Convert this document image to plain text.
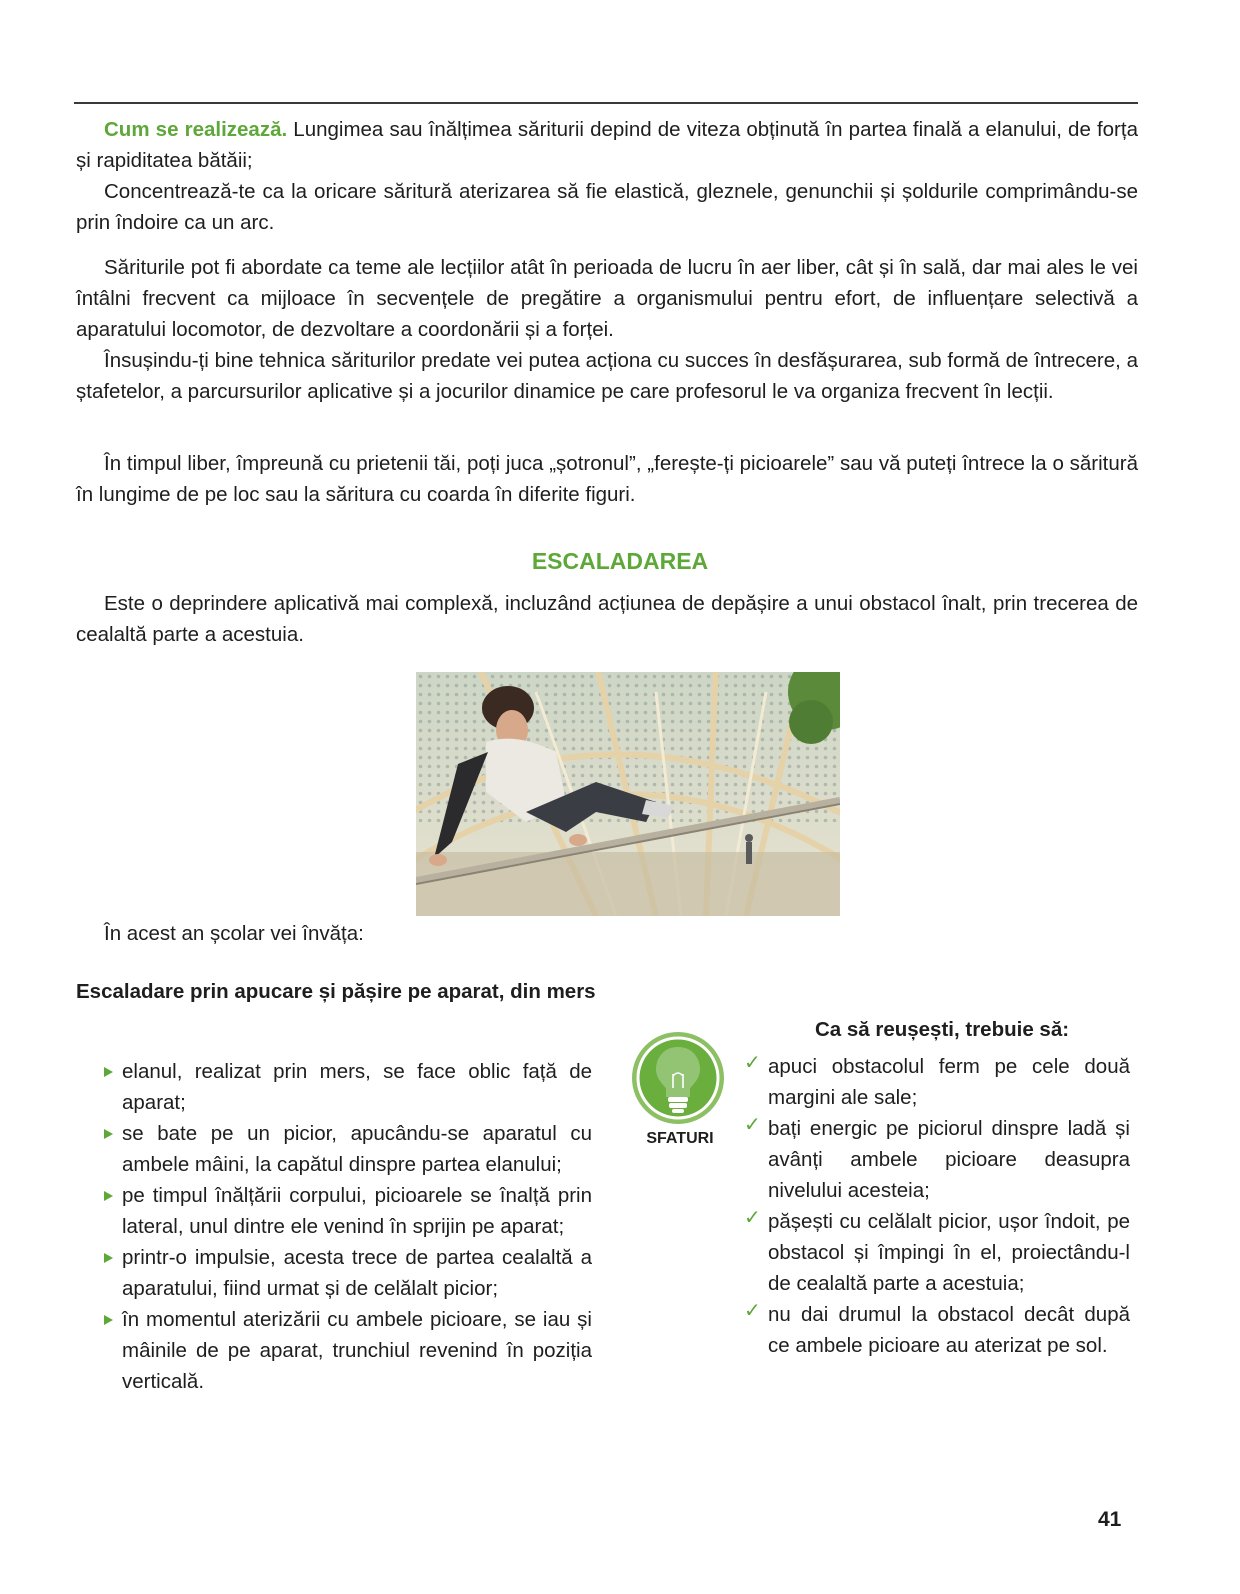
Cum se realizează. Lungimea sau înălțimea săriturii depind de viteza obținută în partea finală a elanului, de forța și rapiditatea bătăii;

Concentrează-te ca la oricare săritură aterizarea să fie elastică, gleznele, genunchii și șoldurile comprimându-se prin îndoire ca un arc.

Săriturile pot fi abordate ca teme ale lecțiilor atât în perioada de lucru în aer liber, cât și în sală, dar mai ales le vei întâlni frecvent ca mijloace în secvențele de pregătire a organismului pentru efort, de influențare selectivă a aparatului locomotor, de dezvoltare a coordonării și a forței.

Însușindu-ți bine tehnica săriturilor predate vei putea acționa cu succes în desfășurarea, sub formă de întrecere, a ștafetelor, a parcursurilor aplicative și a jocurilor dinamice pe care profesorul le va organiza frecvent în lecții.

În timpul liber, împreună cu prietenii tăi, poți juca „șotronul”, „ferește-ți picioarele” sau vă puteți întrece la o săritură în lungime de pe loc sau la săritura cu coarda în diferite figuri.

ESCALADAREA

Este o deprindere aplicativă mai complexă, incluzând acțiunea de depășire a unui obstacol înalt, prin trecerea de cealaltă parte a acestuia.

În acest an școlar vei învăța:
Escaladare prin apucare și pășire pe aparat, din mers
elanul, realizat prin mers, se face oblic față de aparat;
se bate pe un picior, apucându-se aparatul cu ambele mâini, la capătul dinspre partea elanului;
pe timpul înălțării corpului, picioarele se înalță prin lateral, unul dintre ele venind în sprijin pe aparat;
printr-o impulsie, acesta trece de partea cealaltă a aparatului, fiind urmat și de celălalt picior;
în momentul aterizării cu ambele picioare, se iau și mâinile de pe aparat, trunchiul revenind în poziția verticală.
SFATURI
Ca să reușești, trebuie să:
✓ apuci obstacolul ferm pe cele două margini ale sale;
✓ bați energic pe piciorul dinspre ladă și avânți ambele picioare deasupra nivelului acesteia;
✓ pășești cu celălalt picior, ușor îndoit, pe obstacol și împingi în el, proiectându-l de cealaltă parte a acestuia;
✓ nu dai drumul la obstacol decât după ce ambele picioare au aterizat pe sol.
41
